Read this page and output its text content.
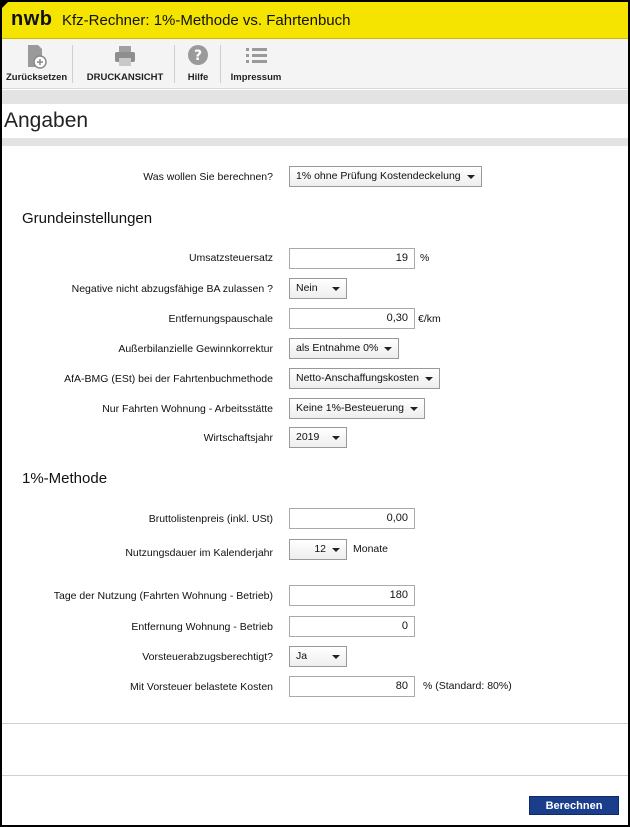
nwb Kfz-Rechner: 1%-Methode vs. Fahrtenbuch
Zurücksetzen	DRUCKANSICHT
?
Hilfe	Impressum
Angaben
Was wollen Sie berechnen?	1% ohne Prüfung Kostendeckelung
Grundeinstellungen
Umsatzsteuersatz	19	%
Negative nicht abzugsfähige BA zulassen ?	Nein
Entfernungspauschale	0,30 €/km
Außerbilanzielle Gewinnkorrektur	als Entnahme 0%
AfA-BMG (ESt) bei der Fahrtenbuchmethode	Netto-Anschaffungskosten
Nur Fahrten Wohnung - Arbeitsstätte	Keine 1%-Besteuerung
Wirtschaftsjahr	2019
1%-Methode
Bruttolistenpreis (inkl. USt)	0,00
Nutzungsdauer im Kalenderjahr	12	Monate
Tage der Nutzung (Fahrten Wohnung - Betrieb)	180
Entfernung Wohnung - Betrieb	0
Vorsteuerabzugsberechtigt?	Ja
Mit Vorsteuer belastete Kosten	80	% (Standard: 80%)
Berechnen
